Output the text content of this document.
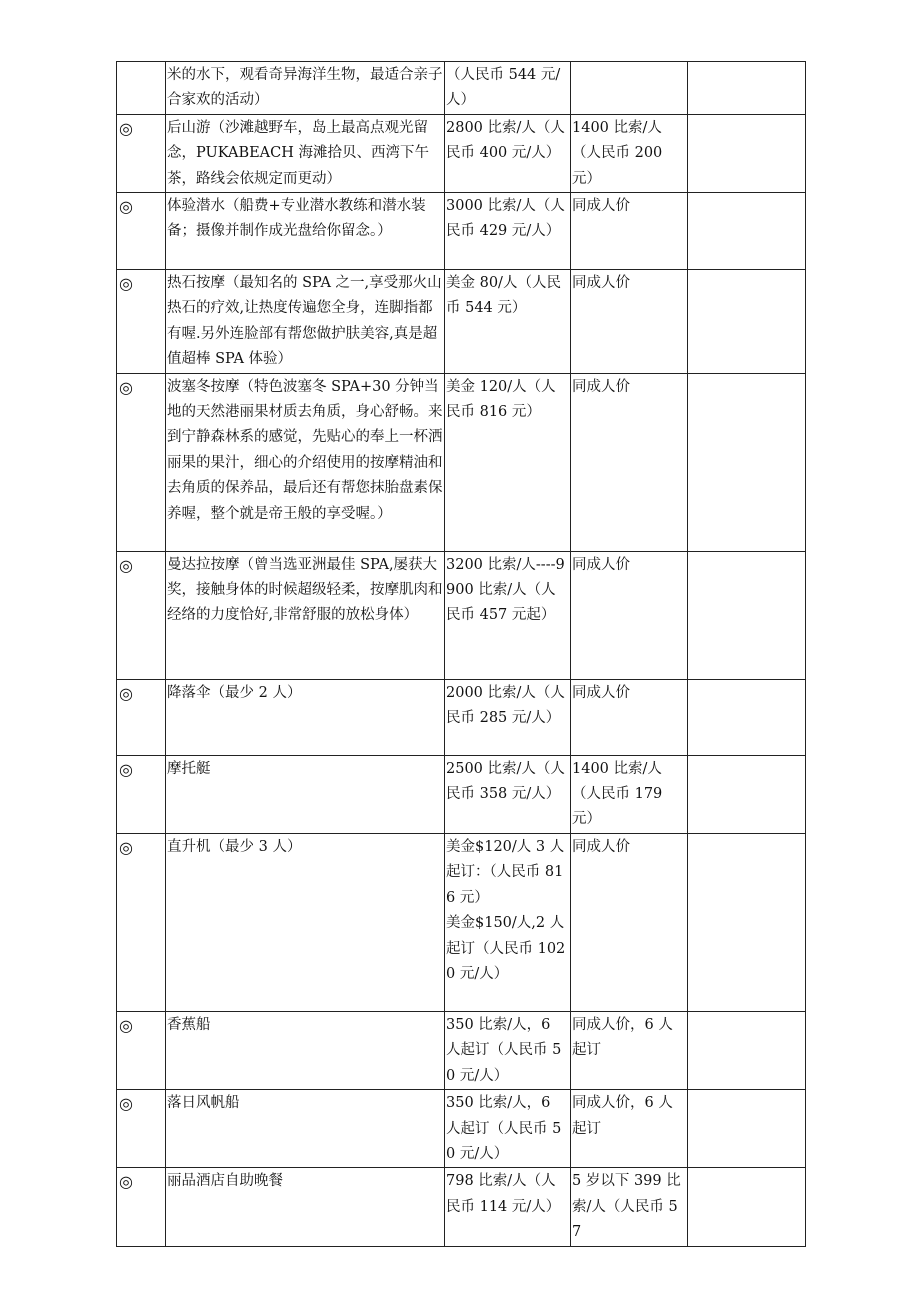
	米的水下，观看奇异海洋生物，最适合亲子合家欢的活动）	（人民币 544 元/人）		
◎	后山游（沙滩越野车，岛上最高点观光留念，PUKABEACH 海滩拾贝、西湾下午茶，路线会依规定而更动）	2800 比索/人（人民币 400 元/人）	1400 比索/人（人民币 200 元）	
◎	体验潜水（船费+专业潜水教练和潜水装备；摄像并制作成光盘给你留念。）	3000 比索/人（人民币 429 元/人）	同成人价	
◎	热石按摩（最知名的 SPA 之一,享受那火山热石的疗效,让热度传遍您全身，连脚指都有喔.另外连脸部有帮您做护肤美容,真是超值超棒 SPA 体验）	美金 80/人（人民币 544 元）	同成人价	
◎	波塞冬按摩（特色波塞冬 SPA+30 分钟当地的天然港丽果材质去角质，身心舒畅。来到宁静森林系的感觉，先贴心的奉上一杯洒丽果的果汁，细心的介绍使用的按摩精油和去角质的保养品，最后还有帮您抹胎盘素保养喔，整个就是帝王般的享受喔。）	美金 120/人（人民币 816 元）	同成人价	
◎	曼达拉按摩（曾当选亚洲最佳 SPA,屡获大奖，接触身体的时候超级轻柔，按摩肌肉和经络的力度恰好,非常舒服的放松身体）	3200 比索/人----9900 比索/人（人民币 457 元起）	同成人价	
◎	降落伞（最少 2 人）	2000 比索/人（人民币 285 元/人）	同成人价	
◎	摩托艇	2500 比索/人（人民币 358 元/人）	1400 比索/人（人民币 179 元）	
◎	直升机（最少 3 人）	美金$120/人 3 人起订：（人民币 816 元）
美金$150/人,2 人起订（人民币 1020 元/人）	同成人价	
◎	香蕉船	350 比索/人，6 人起订（人民币 50 元/人）	同成人价，6 人起订	
◎	落日风帆船	350 比索/人，6 人起订（人民币 50 元/人）	同成人价，6 人起订	
◎	丽品酒店自助晚餐	798 比索/人（人民币 114 元/人）	5 岁以下 399 比索/人（人民币 57	
